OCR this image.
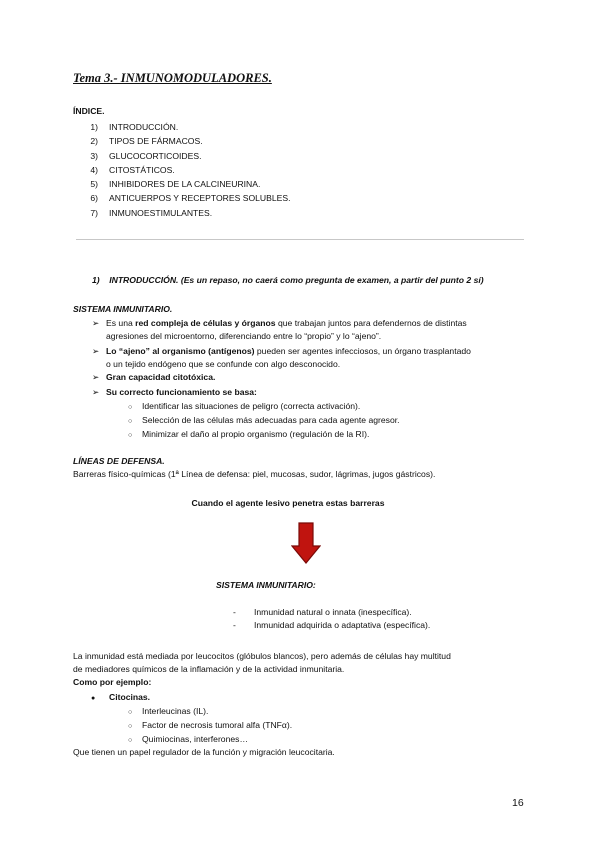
Tema 3.- INMUNOMODULADORES.
ÍNDICE.
1) INTRODUCCIÓN.
2) TIPOS DE FÁRMACOS.
3) GLUCOCORTICOIDES.
4) CITOSTÁTICOS.
5) INHIBIDORES DE LA CALCINEURINA.
6) ANTICUERPOS Y RECEPTORES SOLUBLES.
7) INMUNOESTIMULANTES.
1) INTRODUCCIÓN. (Es un repaso, no caerá como pregunta de examen, a partir del punto 2 sí)
SISTEMA INMUNITARIO.
➢ Es una red compleja de células y órganos que trabajan juntos para defendernos de distintas
agresiones del microentorno, diferenciando entre lo “propio” y lo “ajeno”.
➢ Lo “ajeno” al organismo (antígenos) pueden ser agentes infecciosos, un órgano trasplantado
o un tejido endógeno que se confunde con algo desconocido.
➢ Gran capacidad citotóxica.
➢ Su correcto funcionamiento se basa:
○ Identificar las situaciones de peligro (correcta activación).
○ Selección de las células más adecuadas para cada agente agresor.
○ Minimizar el daño al propio organismo (regulación de la RI).
LÍNEAS DE DEFENSA.
Barreras físico-químicas (1ª Línea de defensa: piel, mucosas, sudor, lágrimas, jugos gástricos).
Cuando el agente lesivo penetra estas barreras
SISTEMA INMUNITARIO:
- Inmunidad natural o innata (inespecífica).
- Inmunidad adquirida o adaptativa (específica).
La inmunidad está mediada por leucocitos (glóbulos blancos), pero además de células hay multitud
de mediadores químicos de la inflamación y de la actividad inmunitaria.
Como por ejemplo:
● Citocinas.
○ Interleucinas (IL).
○ Factor de necrosis tumoral alfa (TNFα).
○ Quimiocinas, interferones…
Que tienen un papel regulador de la función y migración leucocitaria.
16
